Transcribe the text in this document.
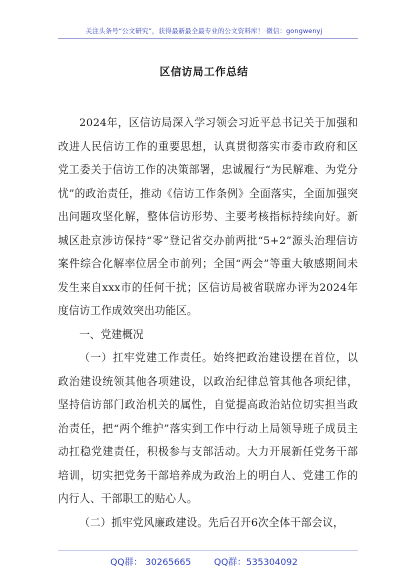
关注头条号“公文研究”，获得最新最全最专业的公文资料库！ 微信：gongwenyj
区信访局工作总结

2024年，区信访局深入学习领会习近平总书记关于加强和改进人民信访工作的重要思想，认真贯彻落实市委市政府和区党工委关于信访工作的决策部署，忠诚履行“为民解难、为党分忧”的政治责任，推动《信访工作条例》全面落实，全面加强突出问题攻坚化解，整体信访形势、主要考核指标持续向好。新城区赴京涉访保持“零”登记省交办前两批“5+2”源头治理信访案件综合化解率位居全市前列；全国“两会”等重大敏感期间未发生来自xxx市的任何干扰；区信访局被省联席办评为2024年度信访工作成效突出功能区。

一、党建概况

（一）扛牢党建工作责任。始终把政治建设摆在首位，以政治建设统领其他各项建设，以政治纪律总管其他各项纪律，坚持信访部门政治机关的属性，自觉提高政治站位切实担当政治责任，把“两个维护”落实到工作中行动上局领导班子成员主动扛稳党建责任，积极参与支部活动。大力开展新任党务干部培训，切实把党务干部培养成为政治上的明白人、党建工作的内行人、干部职工的贴心人。

（二）抓牢党风廉政建设。先后召开6次全体干部会议，

QQ群： 30265665        QQ群：535304092
